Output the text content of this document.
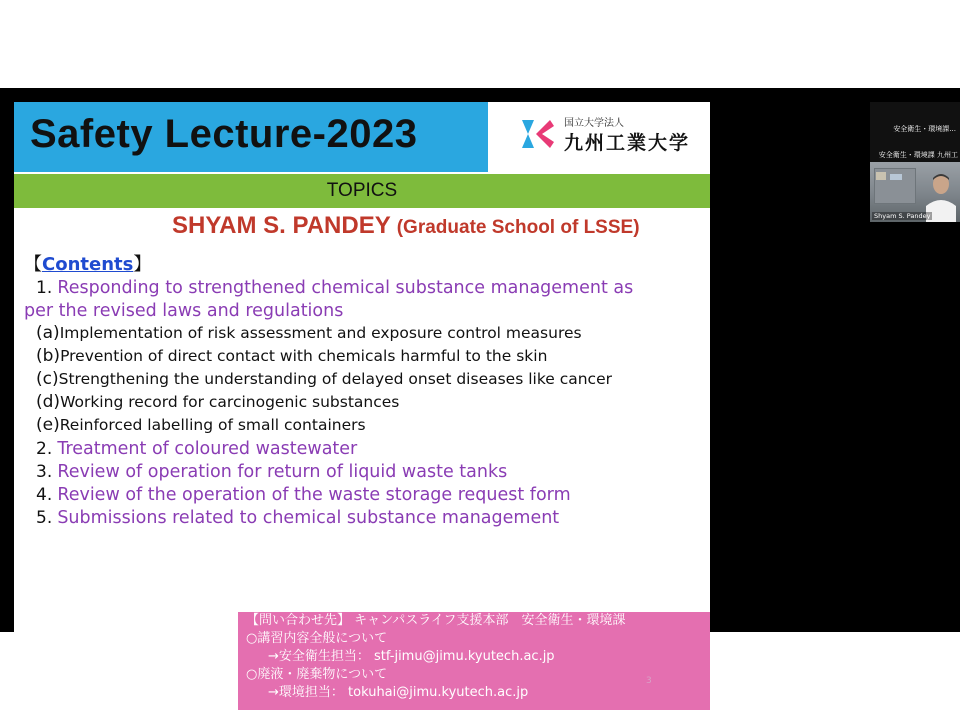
Safety Lecture-2023	国立大学法人
九州工業大学
TOPICS
SHYAM S. PANDEY (Graduate School of LSSE)
【Contents】
1. Responding to strengthened chemical substance management as
per the revised laws and regulations
(a)Implementation of risk assessment and exposure control measures
(b)Prevention of direct contact with chemicals harmful to the skin
(c)Strengthening the understanding of delayed onset diseases like cancer
(d)Working record for carcinogenic substances
(e)Reinforced labelling of small containers
2. Treatment of coloured wastewater
3. Review of operation for return of liquid waste tanks
4. Review of the operation of the waste storage request form
5. Submissions related to chemical substance management
【問い合わせ先】 キャンパスライフ支援本部　安全衛生・環境課
○講習内容全般について
→安全衛生担当： stf-jimu@jimu.kyutech.ac.jp
○廃液・廃棄物について
→環境担当： tokuhai@jimu.kyutech.ac.jp
3
安全衛生・環境課...
安全衛生・環境課 九州工
Shyam S. Pandey
